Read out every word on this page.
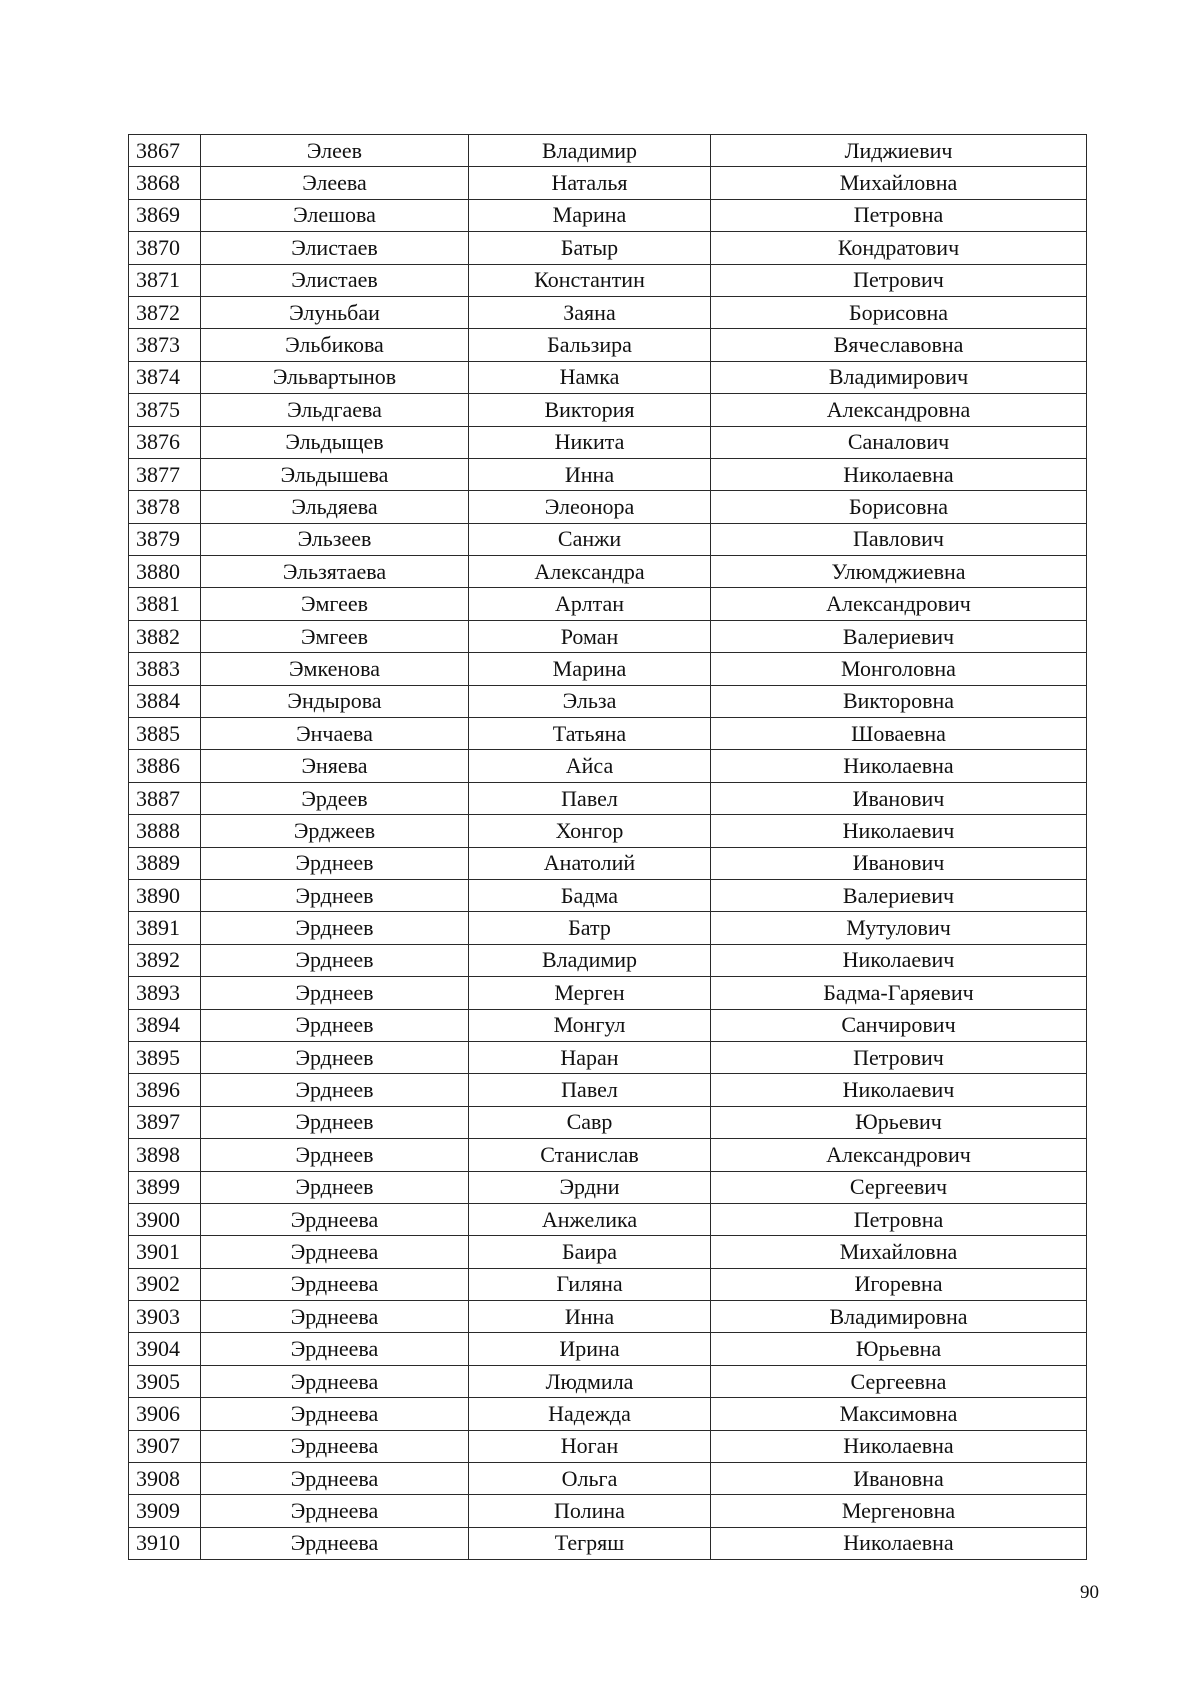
3867	Элеев	Владимир	Лиджиевич
3868	Элеева	Наталья	Михайловна
3869	Элешова	Марина	Петровна
3870	Элистаев	Батыр	Кондратович
3871	Элистаев	Константин	Петрович
3872	Элуньбаи	Заяна	Борисовна
3873	Эльбикова	Бальзира	Вячеславовна
3874	Эльвартынов	Намка	Владимирович
3875	Эльдгаева	Виктория	Александровна
3876	Эльдыщев	Никита	Саналович
3877	Эльдышева	Инна	Николаевна
3878	Эльдяева	Элеонора	Борисовна
3879	Эльзеев	Санжи	Павлович
3880	Эльзятаева	Александра	Улюмджиевна
3881	Эмгеев	Арлтан	Александрович
3882	Эмгеев	Роман	Валериевич
3883	Эмкенова	Марина	Монголовна
3884	Эндырова	Эльза	Викторовна
3885	Энчаева	Татьяна	Шоваевна
3886	Эняева	Айса	Николаевна
3887	Эрдеев	Павел	Иванович
3888	Эрджеев	Хонгор	Николаевич
3889	Эрднеев	Анатолий	Иванович
3890	Эрднеев	Бадма	Валериевич
3891	Эрднеев	Батр	Мутулович
3892	Эрднеев	Владимир	Николаевич
3893	Эрднеев	Мерген	Бадма-Гаряевич
3894	Эрднеев	Монгул	Санчирович
3895	Эрднеев	Наран	Петрович
3896	Эрднеев	Павел	Николаевич
3897	Эрднеев	Савр	Юрьевич
3898	Эрднеев	Станислав	Александрович
3899	Эрднеев	Эрдни	Сергеевич
3900	Эрднеева	Анжелика	Петровна
3901	Эрднеева	Баира	Михайловна
3902	Эрднеева	Гиляна	Игоревна
3903	Эрднеева	Инна	Владимировна
3904	Эрднеева	Ирина	Юрьевна
3905	Эрднеева	Людмила	Сергеевна
3906	Эрднеева	Надежда	Максимовна
3907	Эрднеева	Ноган	Николаевна
3908	Эрднеева	Ольга	Ивановна
3909	Эрднеева	Полина	Мергеновна
3910	Эрднеева	Тегряш	Николаевна
90
